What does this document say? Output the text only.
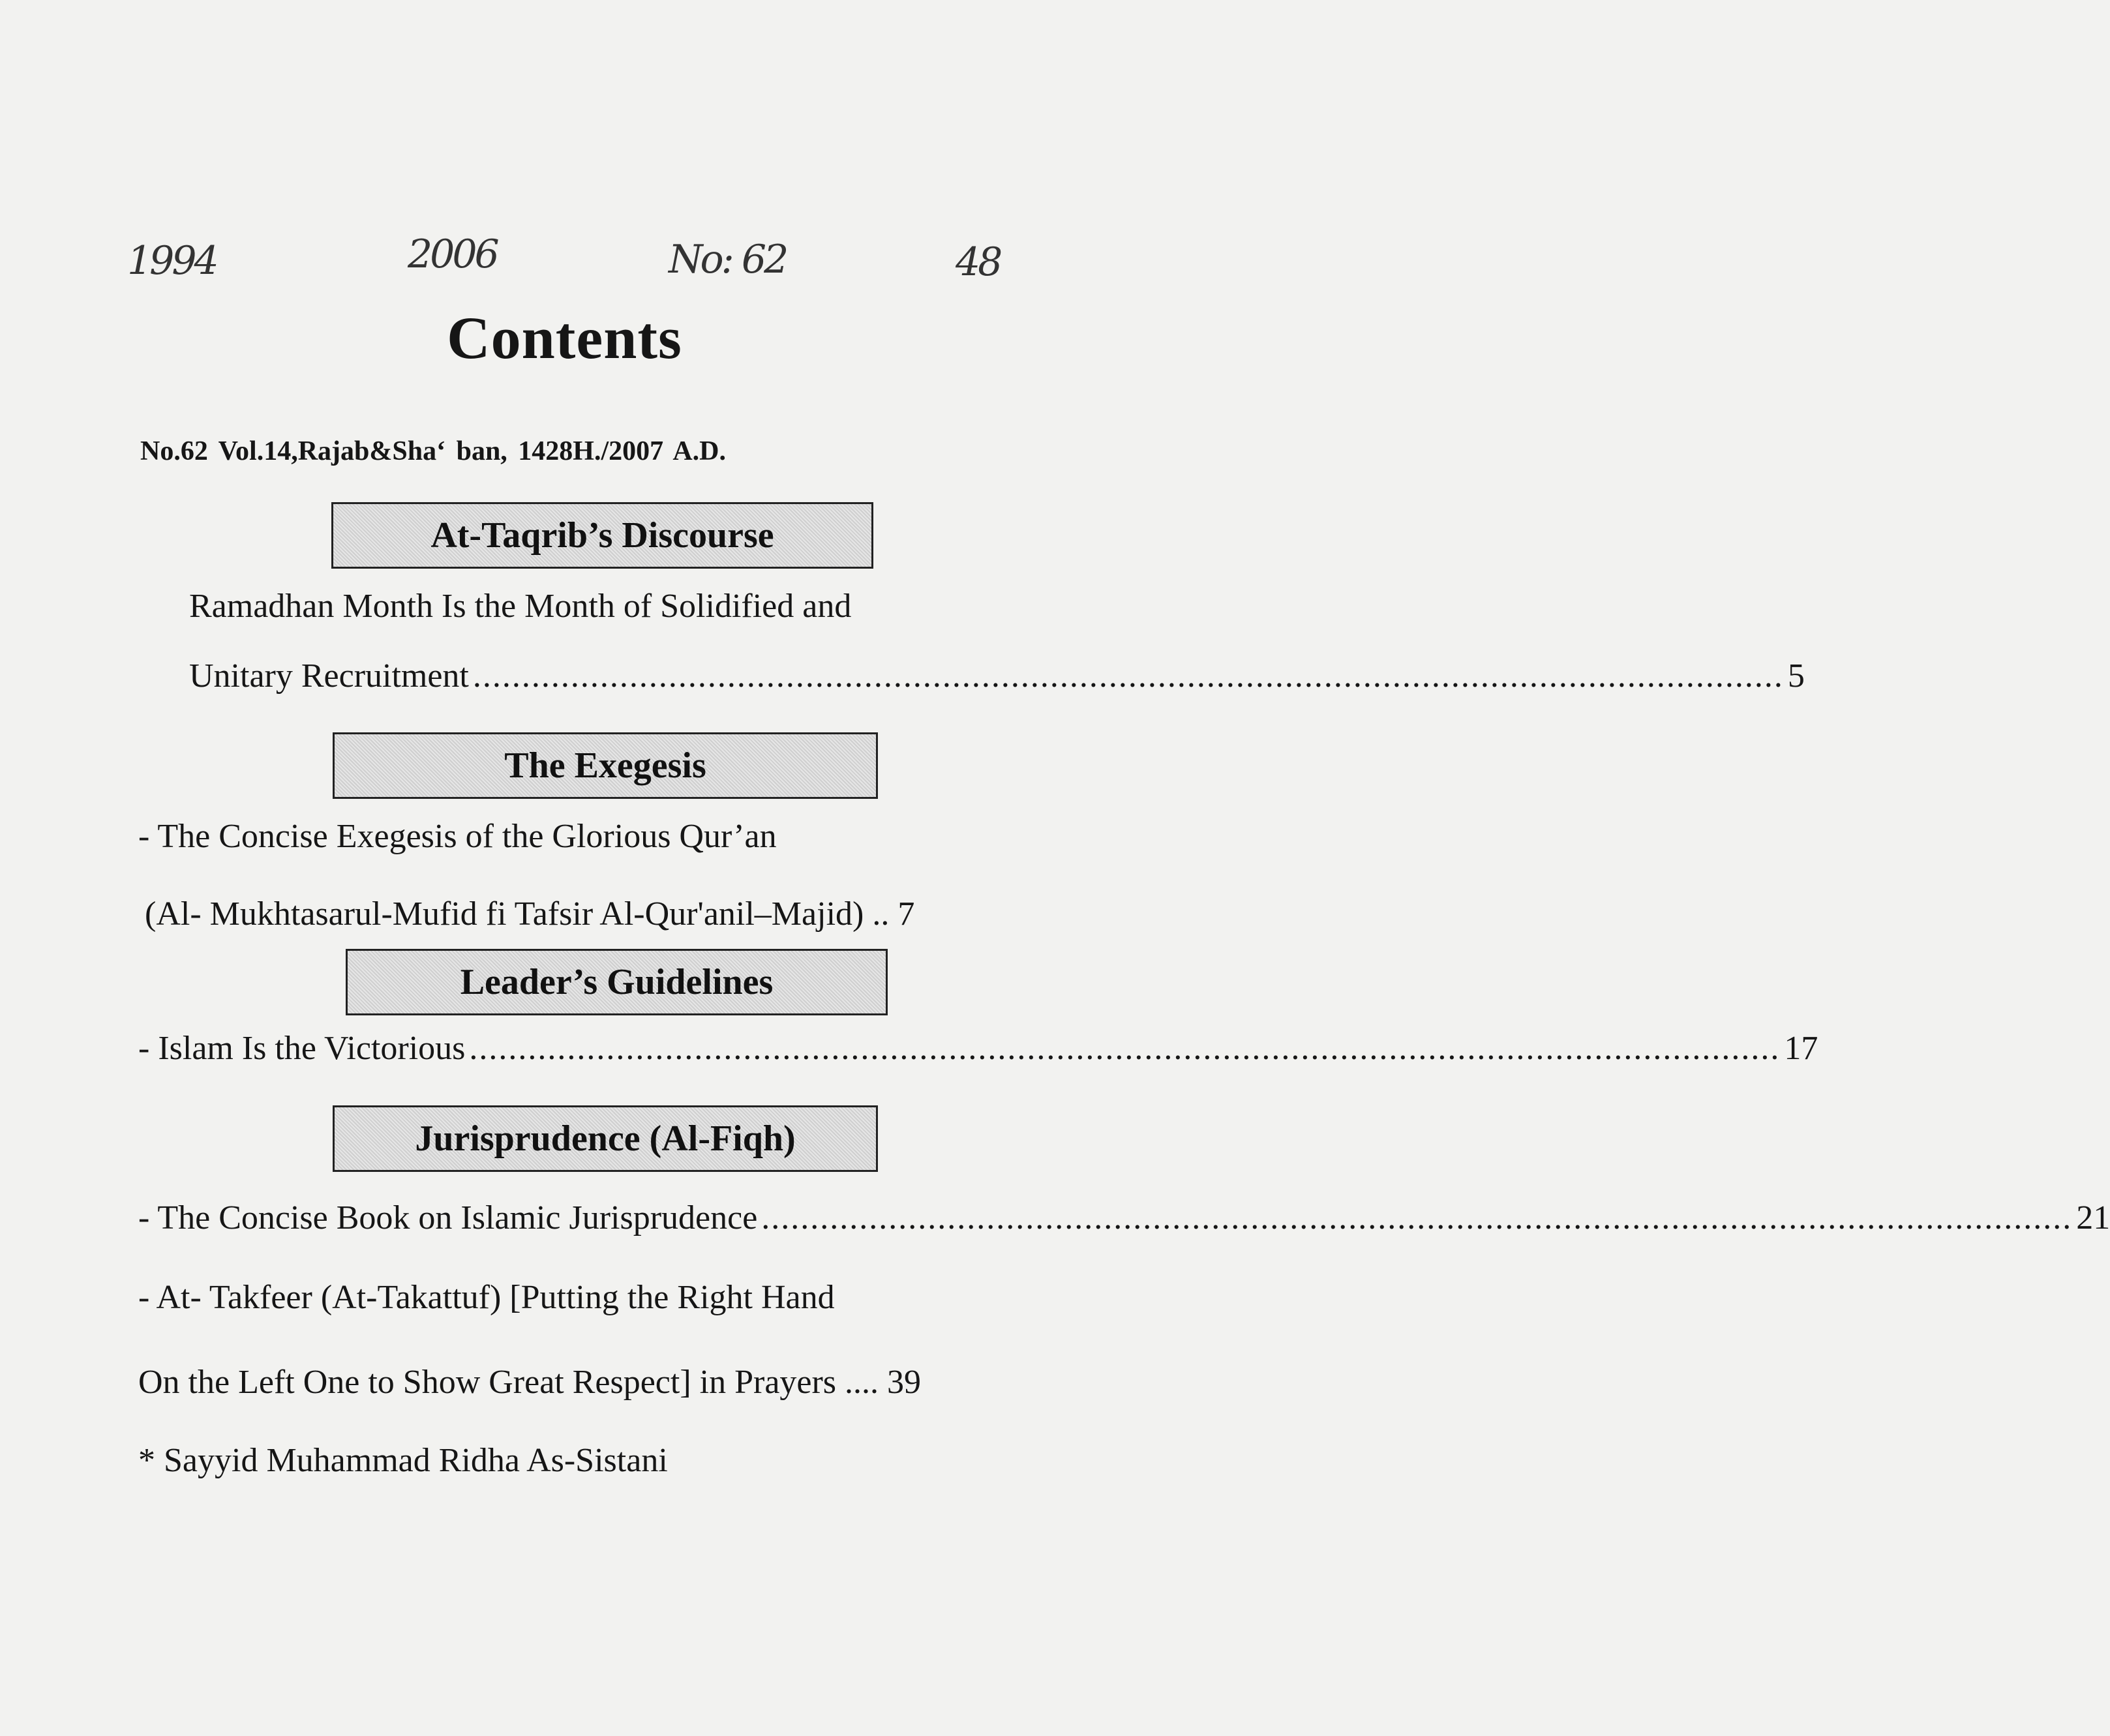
1994	2006	No: 62	48
Contents
No.62 Vol.14,Rajab&Sha‘ ban, 1428H./2007 A.D.
At-Taqrib’s Discourse
Ramadhan Month Is the Month of Solidified and
Unitary Recruitment ...................................................................................................................................... 5
The Exegesis
- The Concise Exegesis of the Glorious Qur’an
(Al- Mukhtasarul-Mufid fi Tafsir Al-Qur'anil–Majid) .. 7
Leader’s Guidelines
- Islam Is the Victorious ...................................................................................................................................... 17
Jurisprudence (Al-Fiqh)
- The Concise Book on Islamic Jurisprudence ...................................................................................................................................... 21
- At- Takfeer (At-Takattuf) [Putting the Right Hand
On the Left One to Show Great Respect] in Prayers .... 39
* Sayyid Muhammad Ridha As-Sistani
